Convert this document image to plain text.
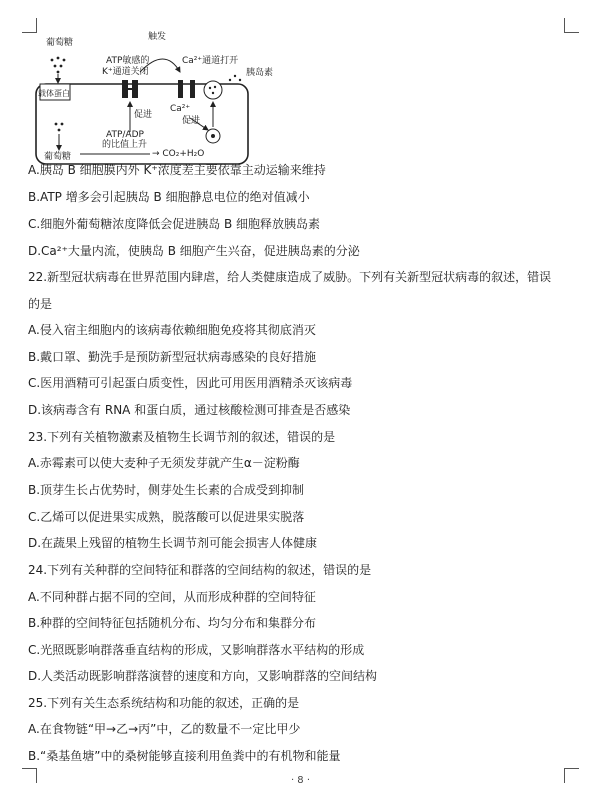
葡萄糖
载体蛋白
触发
ATP敏感的
K⁺通道关闭
Ca²⁺通道打开
胰岛素
促进
Ca²⁺
促进
ATP/ADP
的比值上升
葡萄糖	→ CO₂+H₂O
A.胰岛 B 细胞膜内外 K⁺浓度差主要依靠主动运输来维持
B.ATP 增多会引起胰岛 B 细胞静息电位的绝对值减小
C.细胞外葡萄糖浓度降低会促进胰岛 B 细胞释放胰岛素
D.Ca²⁺大量内流，使胰岛 B 细胞产生兴奋，促进胰岛素的分泌
22.新型冠状病毒在世界范围内肆虐，给人类健康造成了威胁。下列有关新型冠状病毒的叙述，错误
的是
A.侵入宿主细胞内的该病毒依赖细胞免疫将其彻底消灭
B.戴口罩、勤洗手是预防新型冠状病毒感染的良好措施
C.医用酒精可引起蛋白质变性，因此可用医用酒精杀灭该病毒
D.该病毒含有 RNA 和蛋白质，通过核酸检测可排查是否感染
23.下列有关植物激素及植物生长调节剂的叙述，错误的是
A.赤霉素可以使大麦种子无须发芽就产生α－淀粉酶
B.顶芽生长占优势时，侧芽处生长素的合成受到抑制
C.乙烯可以促进果实成熟，脱落酸可以促进果实脱落
D.在蔬果上残留的植物生长调节剂可能会损害人体健康
24.下列有关种群的空间特征和群落的空间结构的叙述，错误的是
A.不同种群占据不同的空间，从而形成种群的空间特征
B.种群的空间特征包括随机分布、均匀分布和集群分布
C.光照既影响群落垂直结构的形成，又影响群落水平结构的形成
D.人类活动既影响群落演替的速度和方向，又影响群落的空间结构
25.下列有关生态系统结构和功能的叙述，正确的是
A.在食物链“甲→乙→丙”中，乙的数量不一定比甲少
B.“桑基鱼塘”中的桑树能够直接利用鱼粪中的有机物和能量
· 8 ·
